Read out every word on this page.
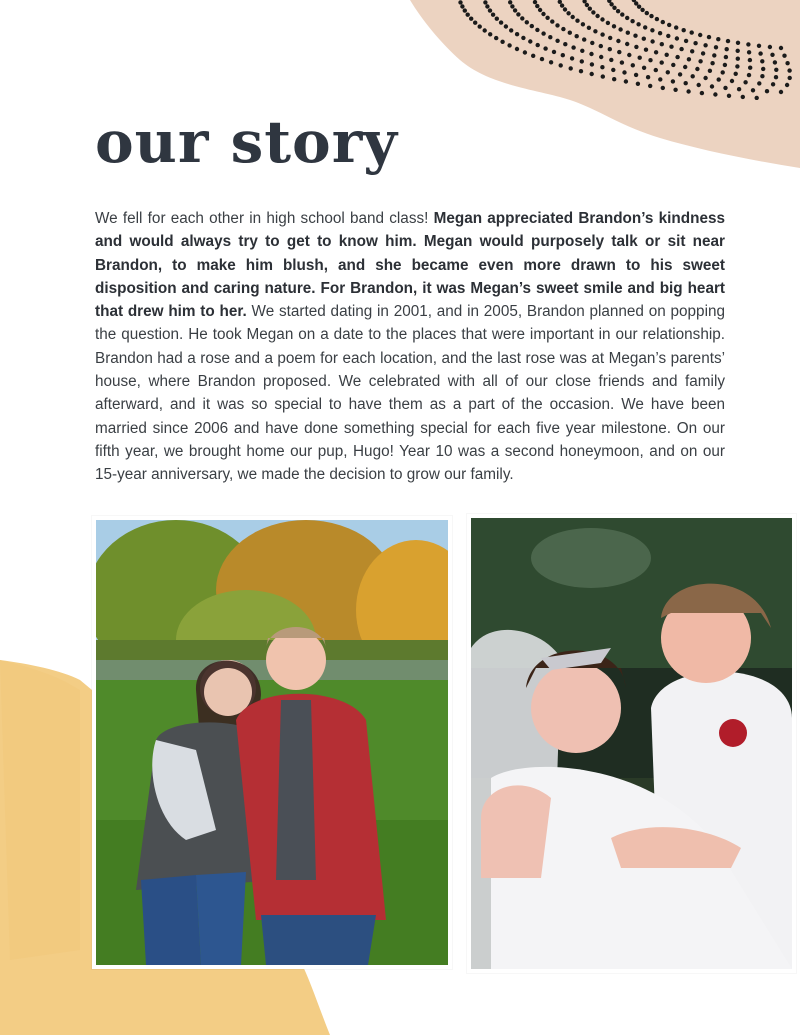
our story

We fell for each other in high school band class! Megan appreciated Brandon’s kindness and would always try to get to know him. Megan would purposely talk or sit near Brandon, to make him blush, and she became even more drawn to his sweet disposition and caring nature. For Brandon, it was Megan’s sweet smile and big heart that drew him to her. We started dating in 2001, and in 2005, Brandon planned on popping the question. He took Megan on a date to the places that were important in our relationship. Brandon had a rose and a poem for each location, and the last rose was at Megan’s parents’ house, where Brandon proposed. We celebrated with all of our close friends and family afterward, and it was so special to have them as a part of the occasion. We have been married since 2006 and have done something special for each five year milestone. On our fifth year, we brought home our pup, Hugo! Year 10 was a second honeymoon, and on our 15-year anniversary, we made the decision to grow our family.
